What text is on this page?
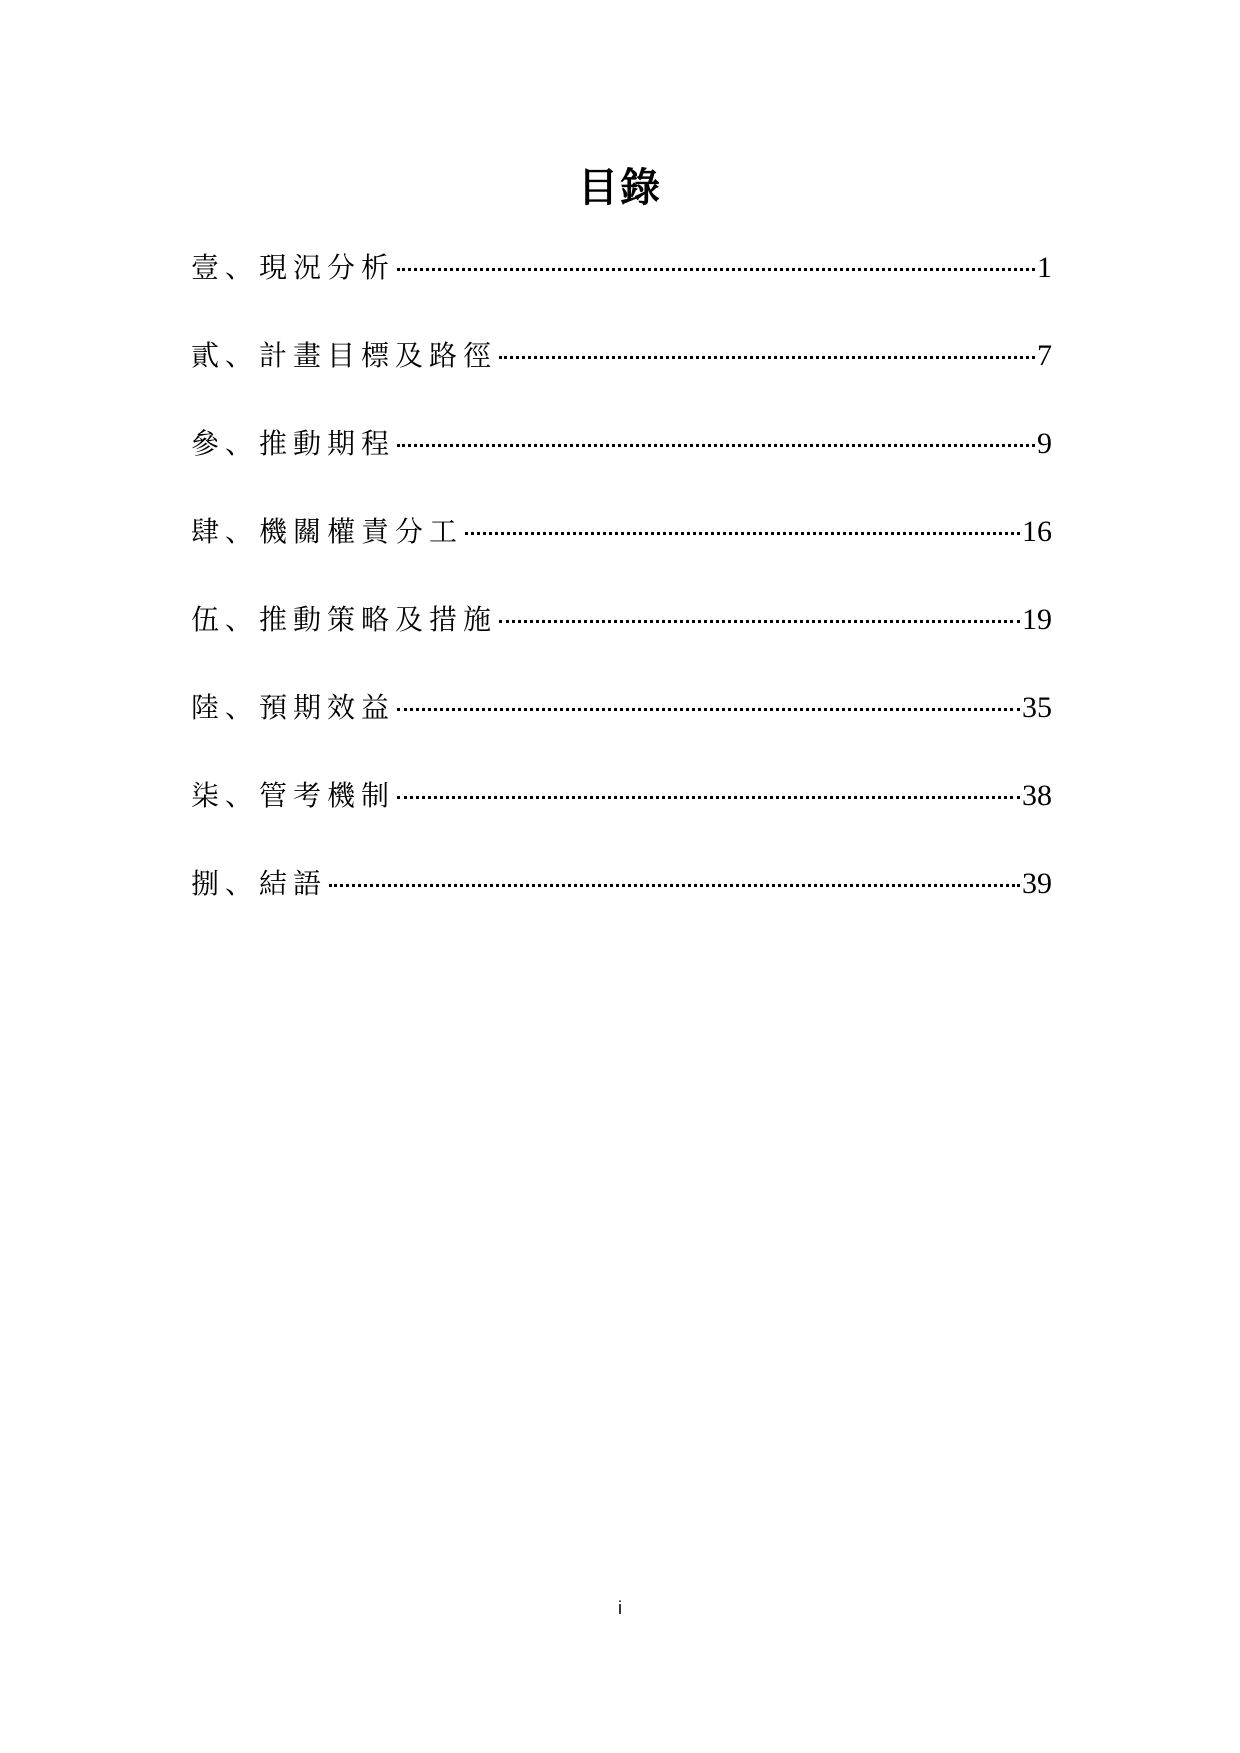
目錄
壹、現況分析	1
貳、計畫目標及路徑	7
參、推動期程	9
肆、機關權責分工	16
伍、推動策略及措施	19
陸、預期效益	35
柒、管考機制	38
捌、結語	39
i
